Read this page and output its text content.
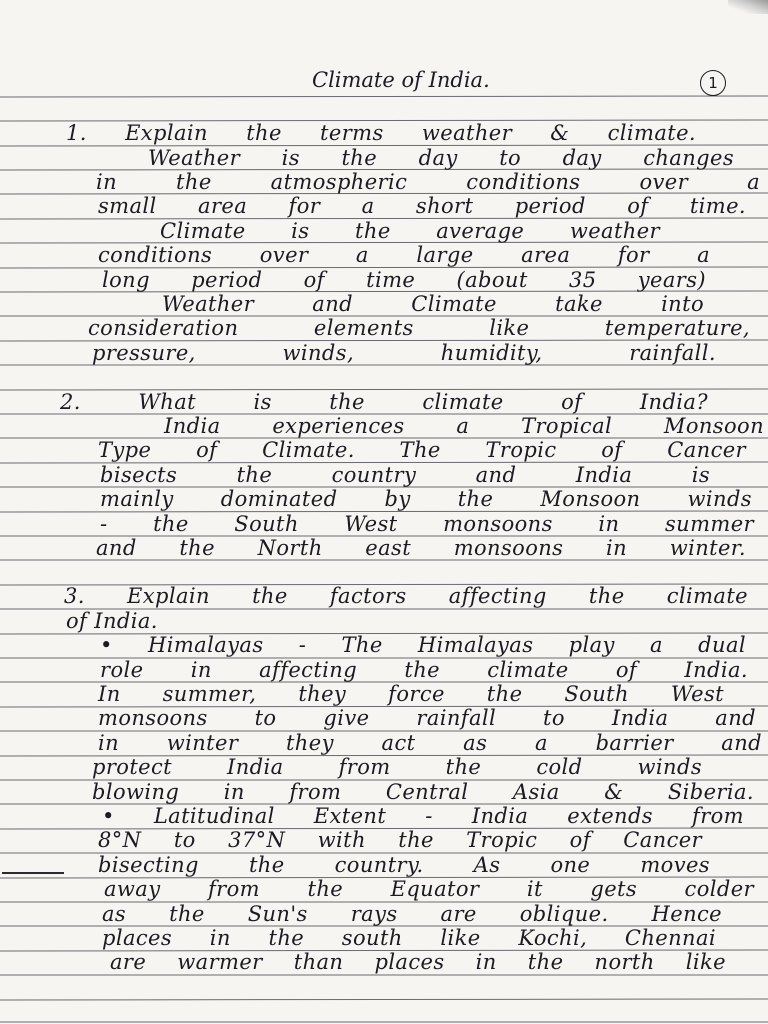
Climate of India.	1
1. Explain the terms weather & climate.
Weather is the day to day changes
in the atmospheric conditions over a
small area for a short period of time.
Climate is the average weather
conditions over a large area for a
long period of time (about 35 years)
Weather and Climate take into
consideration elements like temperature,
pressure, winds, humidity, rainfall.
2. What is the climate of India?
India experiences a Tropical Monsoon
Type of Climate. The Tropic of Cancer
bisects the country and India is
mainly dominated by the Monsoon winds
- the South West monsoons in summer
and the North east monsoons in winter.
3. Explain the factors affecting the climate
of India.
• Himalayas - The Himalayas play a dual
role in affecting the climate of India.
In summer, they force the South West
monsoons to give rainfall to India and
in winter they act as a barrier and
protect India from the cold winds
blowing in from Central Asia & Siberia.
• Latitudinal Extent - India extends from
8°N to 37°N with the Tropic of Cancer
bisecting the country. As one moves
away from the Equator it gets colder
as the Sun's rays are oblique. Hence
places in the south like Kochi, Chennai
are warmer than places in the north like
